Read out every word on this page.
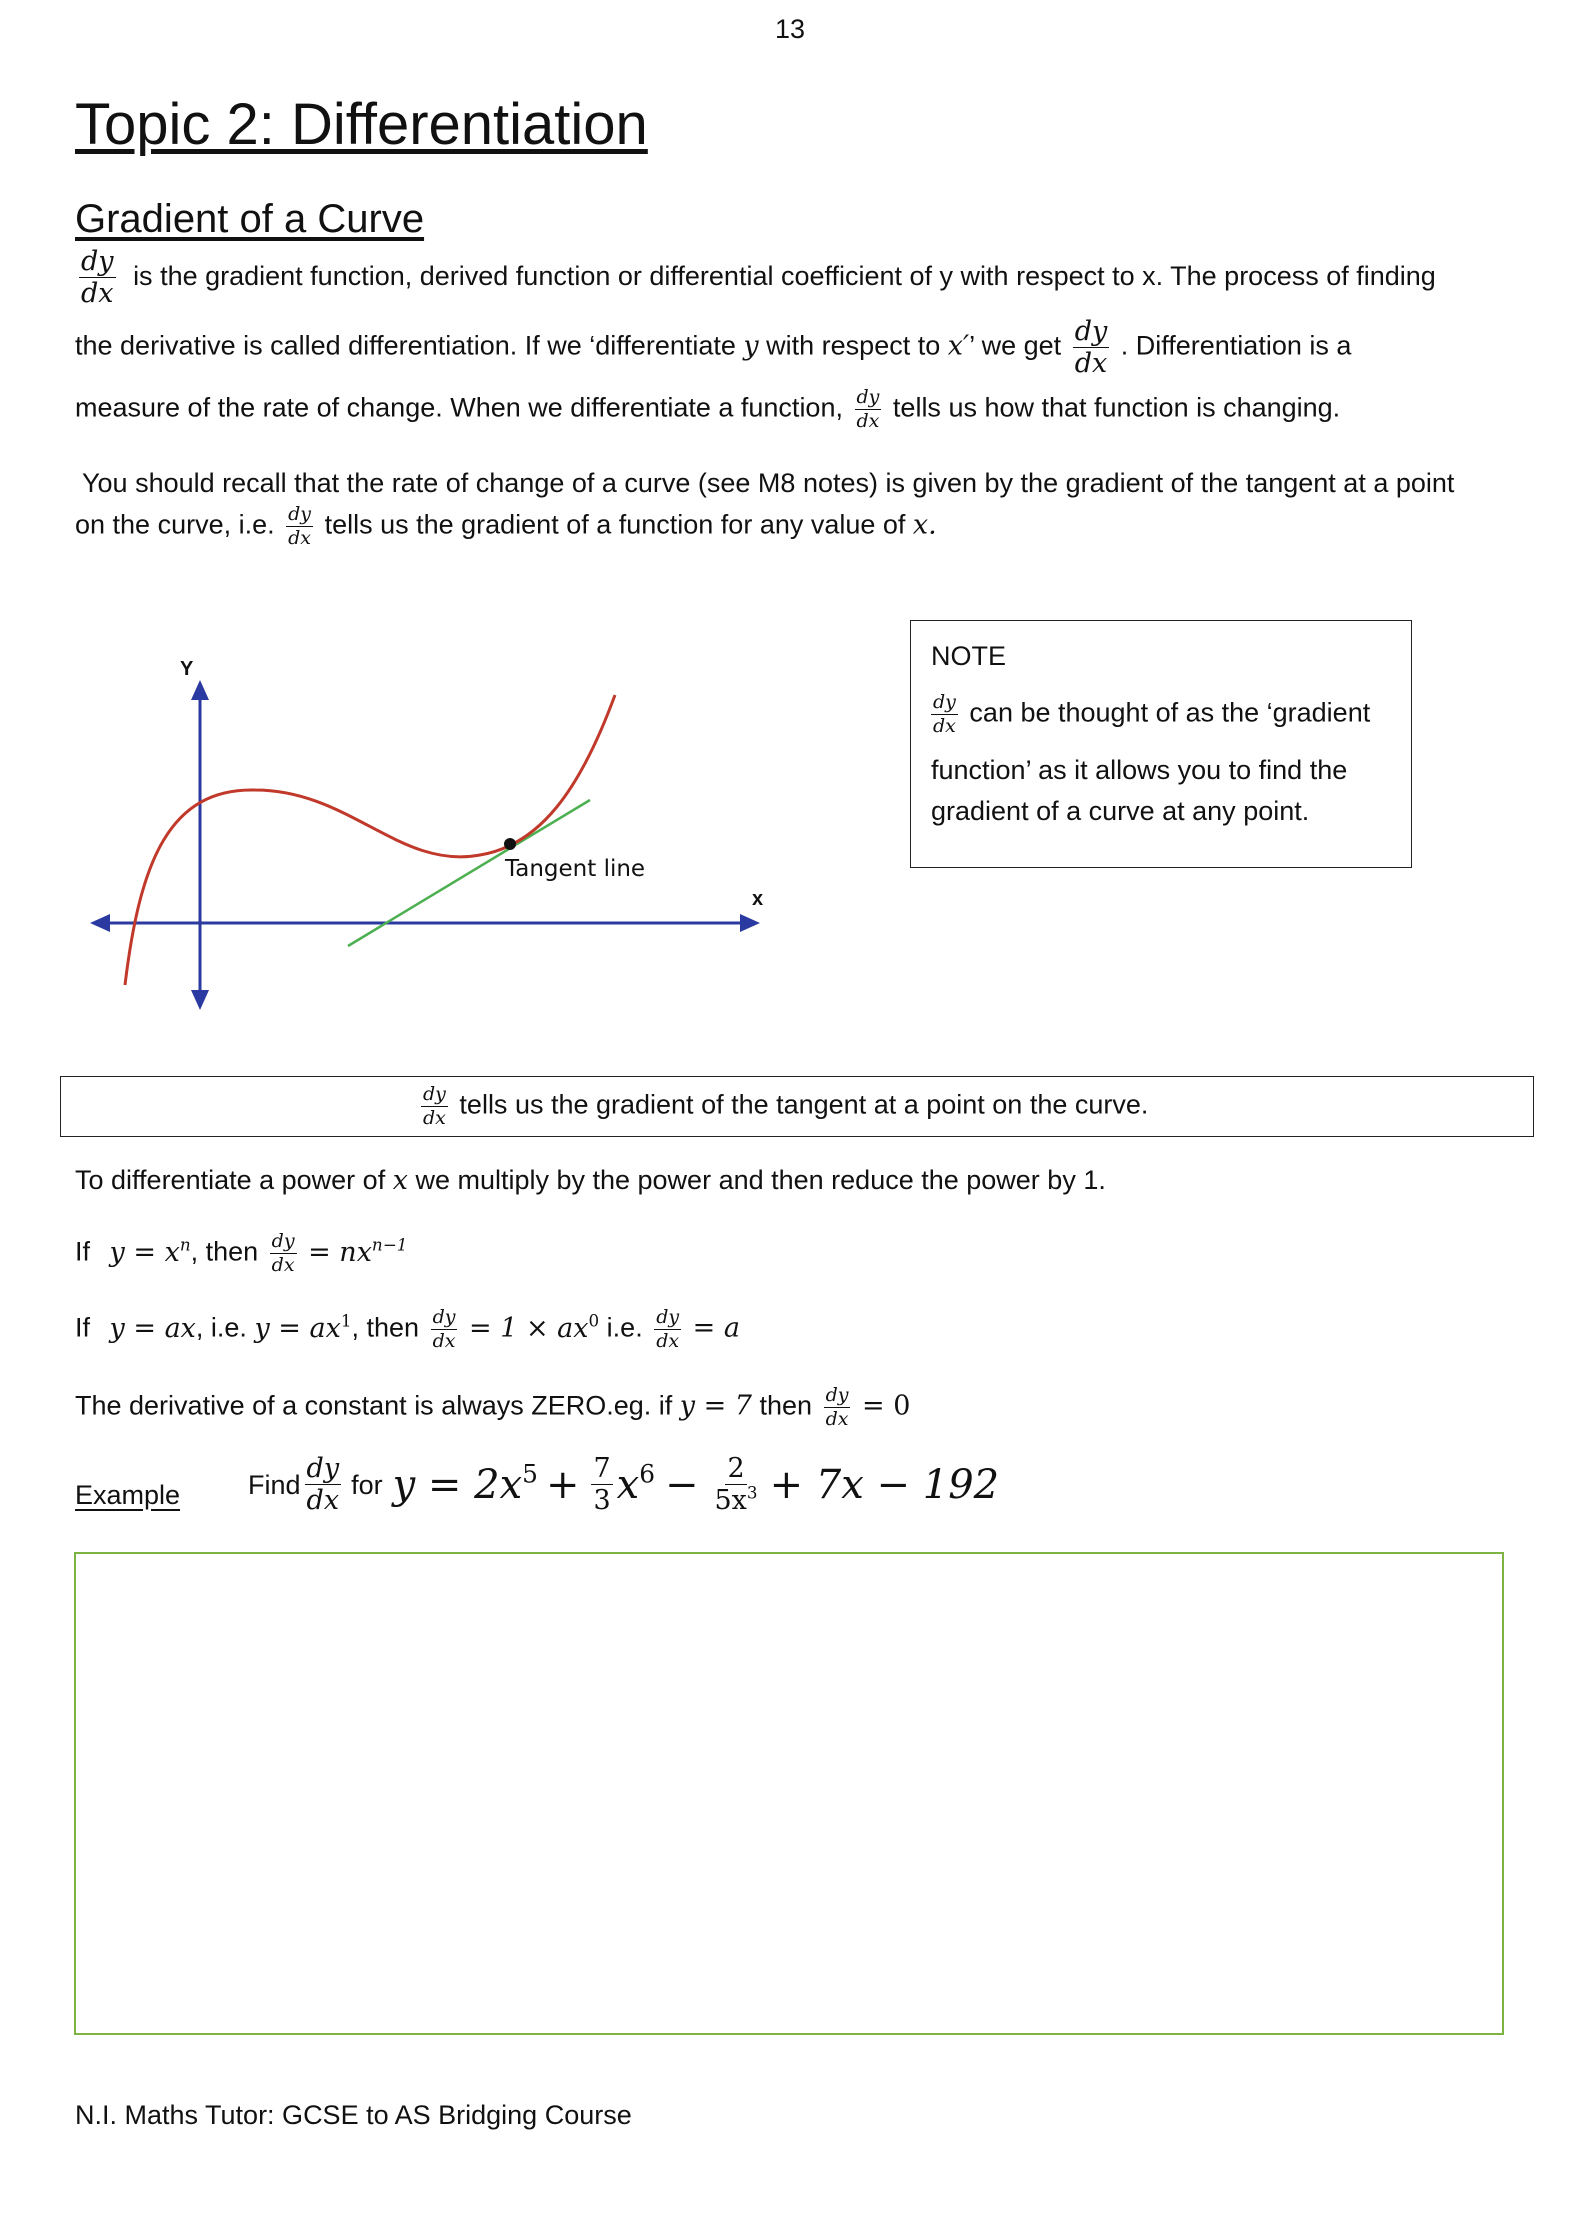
13
Topic 2: Differentiation
Gradient of a Curve
$\frac{dy}{dx}$ is the gradient function, derived function or differential coefficient of y with respect to x. The process of finding
the derivative is called differentiation. If we ‘differentiate y with respect to x′’ we get $\frac{dy}{dx}$ . Differentiation is a
measure of the rate of change. When we differentiate a function, $\frac{dy}{dx}$ tells us how that function is changing.
You should recall that the rate of change of a curve (see M8 notes) is given by the gradient of the tangent at a point
on the curve, i.e. $\frac{dy}{dx}$ tells us the gradient of a function for any value of x.
Y
x
Tangent line
NOTE
$\frac{dy}{dx}$ can be thought of as the ‘gradient
function’ as it allows you to find the
gradient of a curve at any point.
$\frac{dy}{dx}$ tells us the gradient of the tangent at a point on the curve.
To differentiate a power of x we multiply by the power and then reduce the power by 1.
If $y = x^n$, then $\frac{dy}{dx} = nx^{n-1}$
If y = ax, i.e. $y = ax^1$, then $\frac{dy}{dx} = 1 \times ax^0$ i.e. $\frac{dy}{dx} = a$
The derivative of a constant is always ZERO.eg. if y = 7 then $\frac{dy}{dx} = 0$
Example	Find $\frac{dy}{dx}$ for $y = 2x^5 + \frac{7}{3} x^6 - \frac{2}{5x^3} + 7x - 192$
N.I. Maths Tutor: GCSE to AS Bridging Course
